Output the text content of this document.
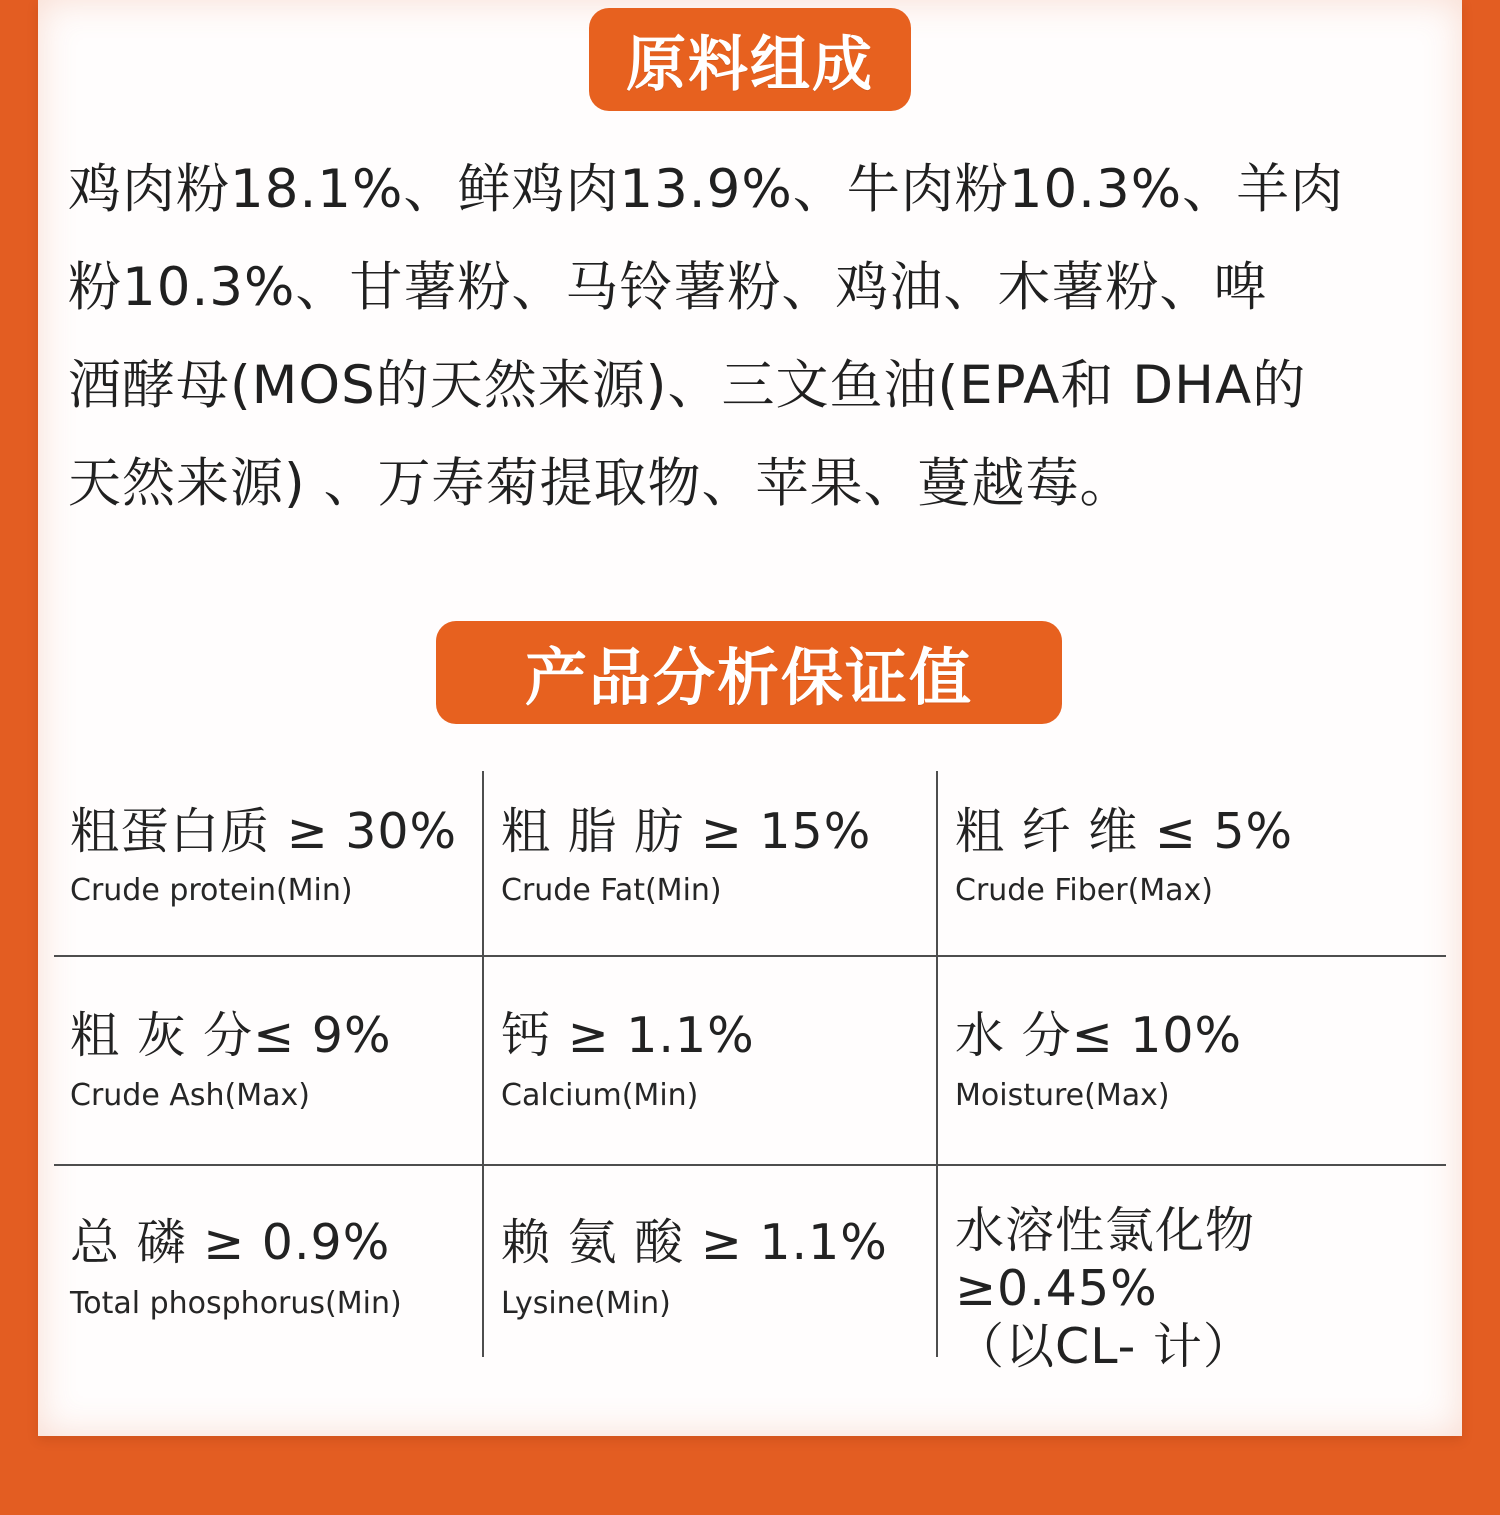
原料组成
鸡肉粉18.1%、鲜鸡肉13.9%、牛肉粉10.3%、羊肉
粉10.3%、甘薯粉、马铃薯粉、鸡油、木薯粉、啤
酒酵母(MOS的天然来源)、三文鱼油(EPA和 DHA的
天然来源) 、万寿菊提取物、苹果、蔓越莓。
产品分析保证值
粗蛋白质 ≥ 30%
Crude protein(Min)
粗 脂 肪 ≥ 15%
Crude Fat(Min)
粗 纤 维 ≤ 5%
Crude Fiber(Max)
粗 灰 分≤ 9%
Crude Ash(Max)
钙 ≥ 1.1%
Calcium(Min)
水 分≤ 10%
Moisture(Max)
总 磷 ≥ 0.9%
Total phosphorus(Min)
赖 氨 酸 ≥ 1.1%
Lysine(Min)
水溶性氯化物≥0.45%
（以CL- 计）
